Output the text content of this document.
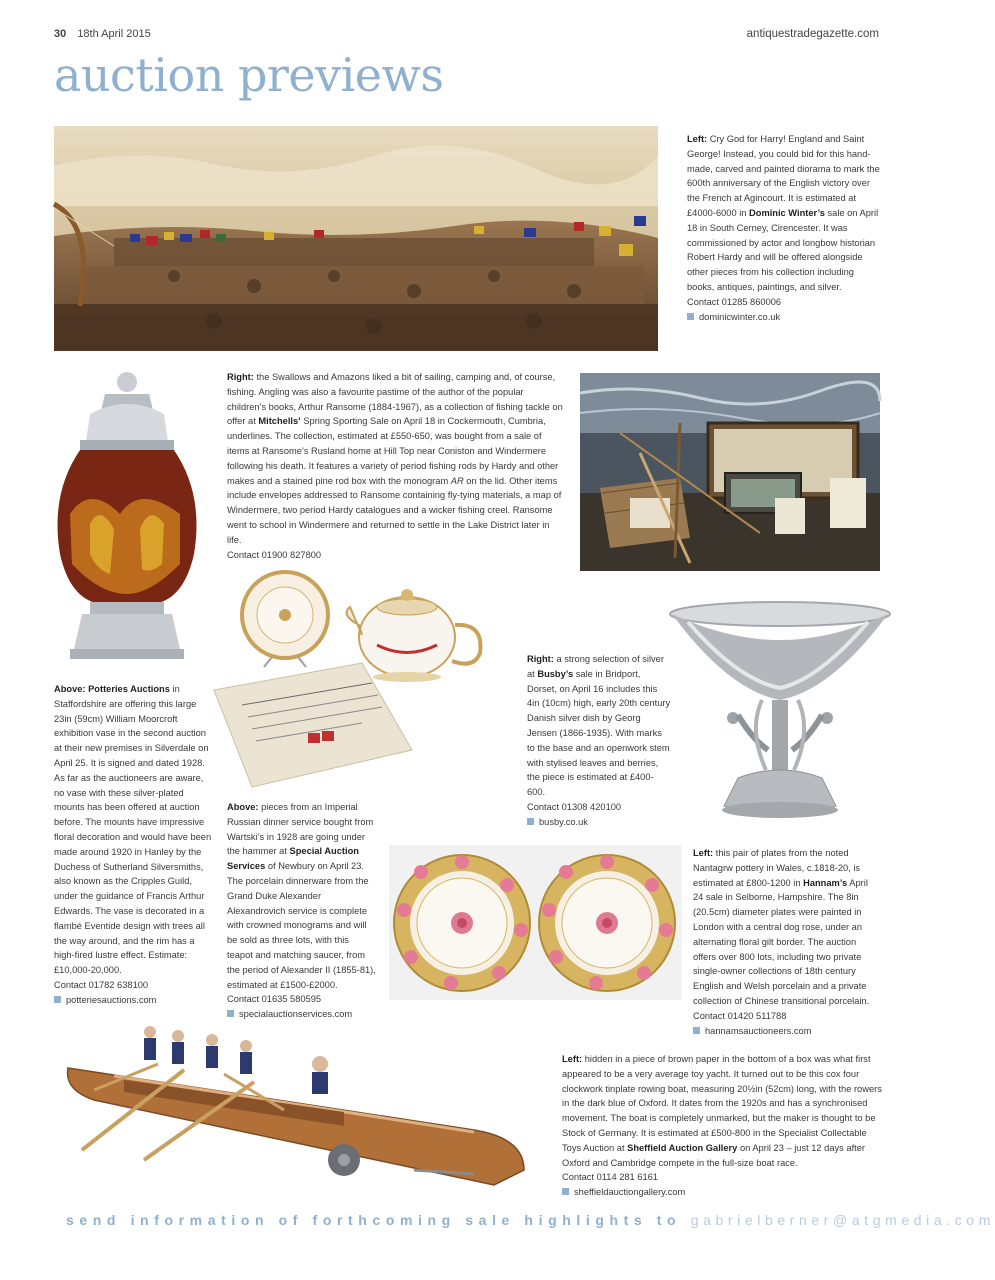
30 18th April 2015	antiquestradegazette.com
auction previews
Left: Cry God for Harry! England and Saint George! Instead, you could bid for this hand-made, carved and painted diorama to mark the 600th anniversary of the English victory over the French at Agincourt. It is estimated at £4000-6000 in Dominic Winter’s sale on April 18 in South Cerney, Cirencester. It was commissioned by actor and longbow historian Robert Hardy and will be offered alongside other pieces from his collection including books, antiques, paintings, and silver.
Contact 01285 860006
dominicwinter.co.uk
Above: Potteries Auctions in Staffordshire are offering this large 23in (59cm) William Moorcroft exhibition vase in the second auction at their new premises in Silverdale on April 25. It is signed and dated 1928. As far as the auctioneers are aware, no vase with these silver-plated mounts has been offered at auction before. The mounts have impressive floral decoration and would have been made around 1920 in Hanley by the Duchess of Sutherland Silversmiths, also known as the Cripples Guild, under the guidance of Francis Arthur Edwards. The vase is decorated in a flambé Eventide design with trees all the way around, and the rim has a high-fired lustre effect. Estimate: £10,000-20,000.
Contact 01782 638100
potteriesauctions.com
Right: the Swallows and Amazons liked a bit of sailing, camping and, of course, fishing. Angling was also a favourite pastime of the author of the popular children’s books, Arthur Ransome (1884-1967), as a collection of fishing tackle on offer at Mitchells’ Spring Sporting Sale on April 18 in Cockermouth, Cumbria, underlines. The collection, estimated at £550-650, was bought from a sale of items at Ransome’s Rusland home at Hill Top near Coniston and Windermere following his death. It features a variety of period fishing rods by Hardy and other makes and a stained pine rod box with the monogram AR on the lid. Other items include envelopes addressed to Ransome containing fly-tying materials, a map of Windermere, two period Hardy catalogues and a wicker fishing creel. Ransome went to school in Windermere and returned to settle in the Lake District later in life.
Contact 01900 827800
Right: a strong selection of silver at Busby’s sale in Bridport, Dorset, on April 16 includes this 4in (10cm) high, early 20th century Danish silver dish by Georg Jensen (1866-1935). With marks to the base and an openwork stem with stylised leaves and berries, the piece is estimated at £400-600.
Contact 01308 420100
busby.co.uk
Above: pieces from an Imperial Russian dinner service bought from Wartski’s in 1928 are going under the hammer at Special Auction Services of Newbury on April 23. The porcelain dinnerware from the Grand Duke Alexander Alexandrovich service is complete with crowned monograms and will be sold as three lots, with this teapot and matching saucer, from the period of Alexander II (1855-81), estimated at £1500-£2000.
Contact 01635 580595
specialauctionservices.com
Left: this pair of plates from the noted Nantagrw pottery in Wales, c.1818-20, is estimated at £800-1200 in Hannam’s April 24 sale in Selborne, Hampshire. The 8in (20.5cm) diameter plates were painted in London with a central dog rose, under an alternating floral gilt border. The auction offers over 800 lots, including two private single-owner collections of 18th century English and Welsh porcelain and a private collection of Chinese transitional porcelain.
Contact 01420 511788
hannamsauctioneers.com
Left: hidden in a piece of brown paper in the bottom of a box was what first appeared to be a very average toy yacht. It turned out to be this cox four clockwork tinplate rowing boat, measuring 20½in (52cm) long, with the rowers in the dark blue of Oxford. It dates from the 1920s and has a synchronised movement. The boat is completely unmarked, but the maker is thought to be Stock of Germany. It is estimated at £500-800 in the Specialist Collectable Toys Auction at Sheffield Auction Gallery on April 23 – just 12 days after Oxford and Cambridge compete in the full-size boat race.
Contact 0114 281 6161
sheffieldauctiongallery.com
send information of forthcoming sale highlights to gabrielberner@atgmedia.com
